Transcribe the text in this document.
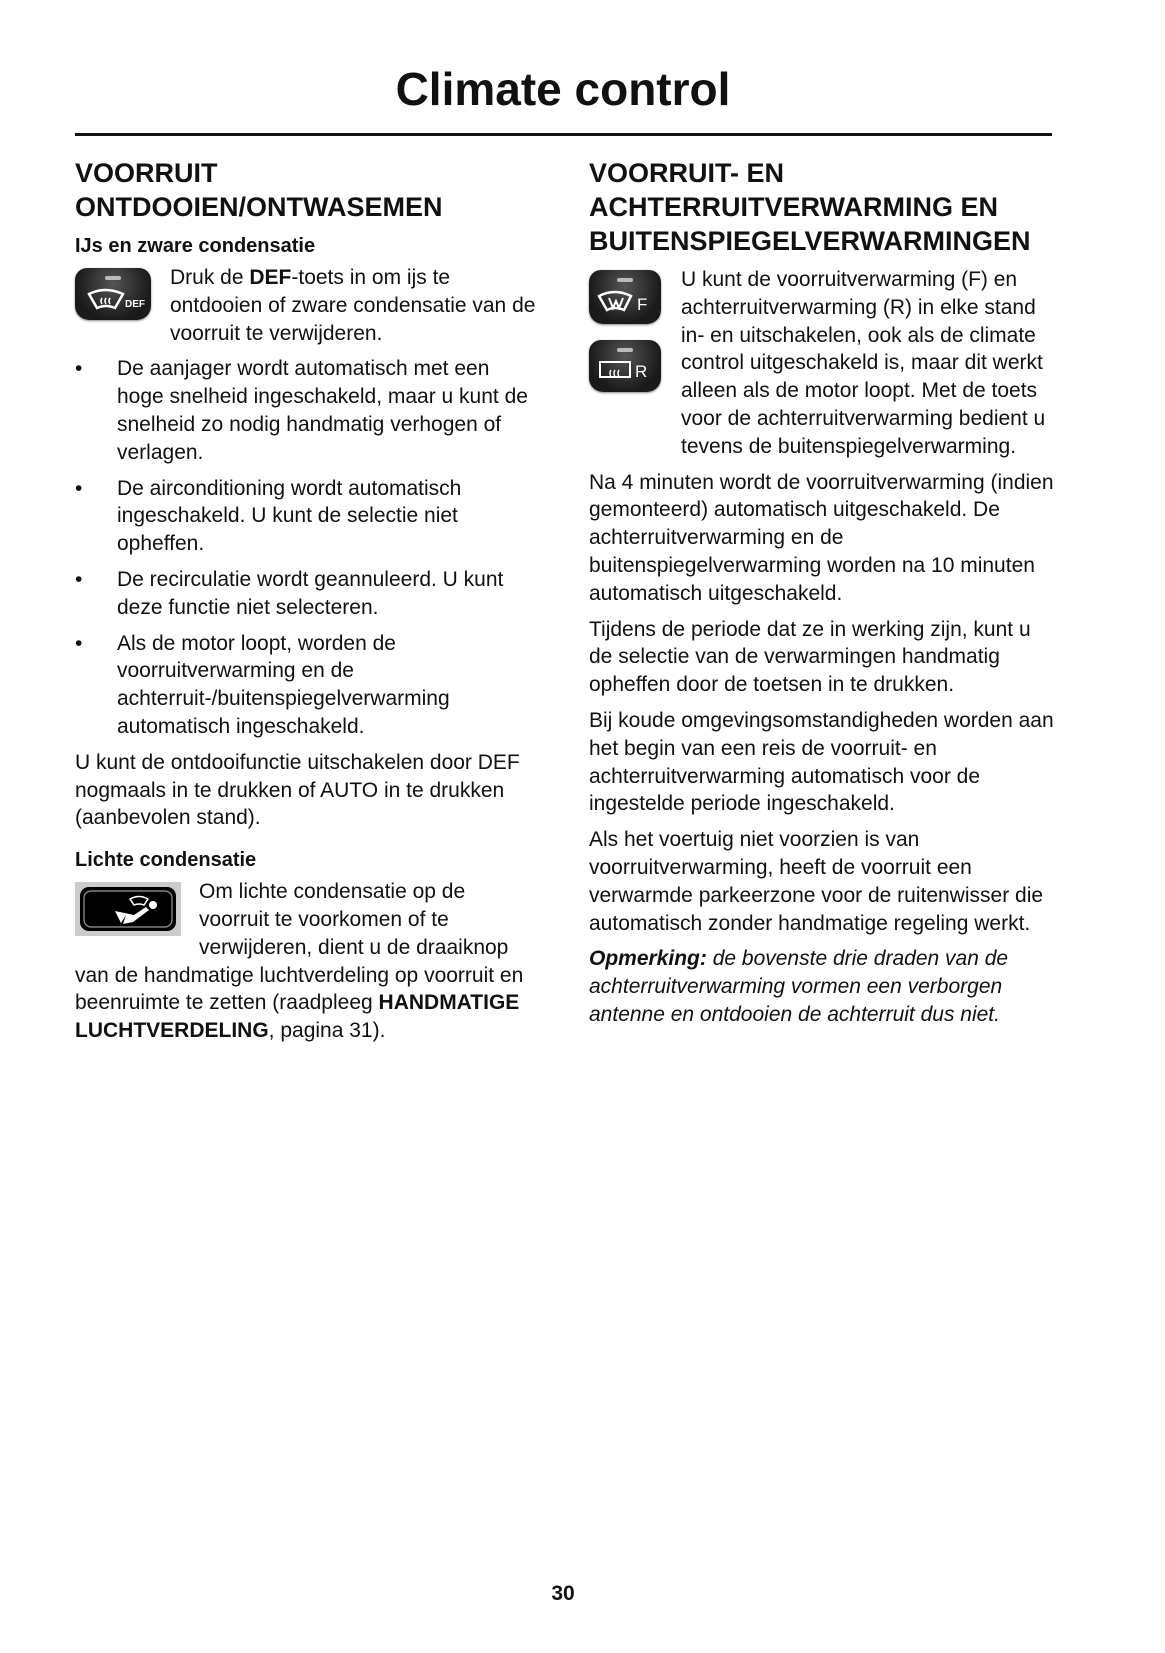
Climate control
VOORRUIT ONTDOOIEN/ONTWASEMEN
IJs en zware condensatie
DEF

Druk de DEF-toets in om ijs te ontdooien of zware condensatie van de voorruit te verwijderen.

• De aanjager wordt automatisch met een hoge snelheid ingeschakeld, maar u kunt de snelheid zo nodig handmatig verhogen of verlagen.
• De airconditioning wordt automatisch ingeschakeld. U kunt de selectie niet opheffen.
• De recirculatie wordt geannuleerd. U kunt deze functie niet selecteren.
• Als de motor loopt, worden de voorruitverwarming en de achterruit-/buitenspiegelverwarming automatisch ingeschakeld.

U kunt de ontdooifunctie uitschakelen door DEF nogmaals in te drukken of AUTO in te drukken (aanbevolen stand).

Lichte condensatie

Om lichte condensatie op de voorruit te voorkomen of te verwijderen, dient u de draaiknop van de handmatige luchtverdeling op voorruit en beenruimte te zetten (raadpleeg HANDMATIGE LUCHTVERDELING, pagina 31).

VOORRUIT- EN ACHTERRUITVERWARMING EN BUITENSPIEGELVERWARMINGEN
F
R

U kunt de voorruitverwarming (F) en achterruitverwarming (R) in elke stand in- en uitschakelen, ook als de climate control uitgeschakeld is, maar dit werkt alleen als de motor loopt. Met de toets voor de achterruitverwarming bedient u tevens de buitenspiegelverwarming.

Na 4 minuten wordt de voorruitverwarming (indien gemonteerd) automatisch uitgeschakeld. De achterruitverwarming en de buitenspiegelverwarming worden na 10 minuten automatisch uitgeschakeld.

Tijdens de periode dat ze in werking zijn, kunt u de selectie van de verwarmingen handmatig opheffen door de toetsen in te drukken.

Bij koude omgevingsomstandigheden worden aan het begin van een reis de voorruit- en achterruitverwarming automatisch voor de ingestelde periode ingeschakeld.

Als het voertuig niet voorzien is van voorruitverwarming, heeft de voorruit een verwarmde parkeerzone voor de ruitenwisser die automatisch zonder handmatige regeling werkt.

Opmerking: de bovenste drie draden van de achterruitverwarming vormen een verborgen antenne en ontdooien de achterruit dus niet.

30
